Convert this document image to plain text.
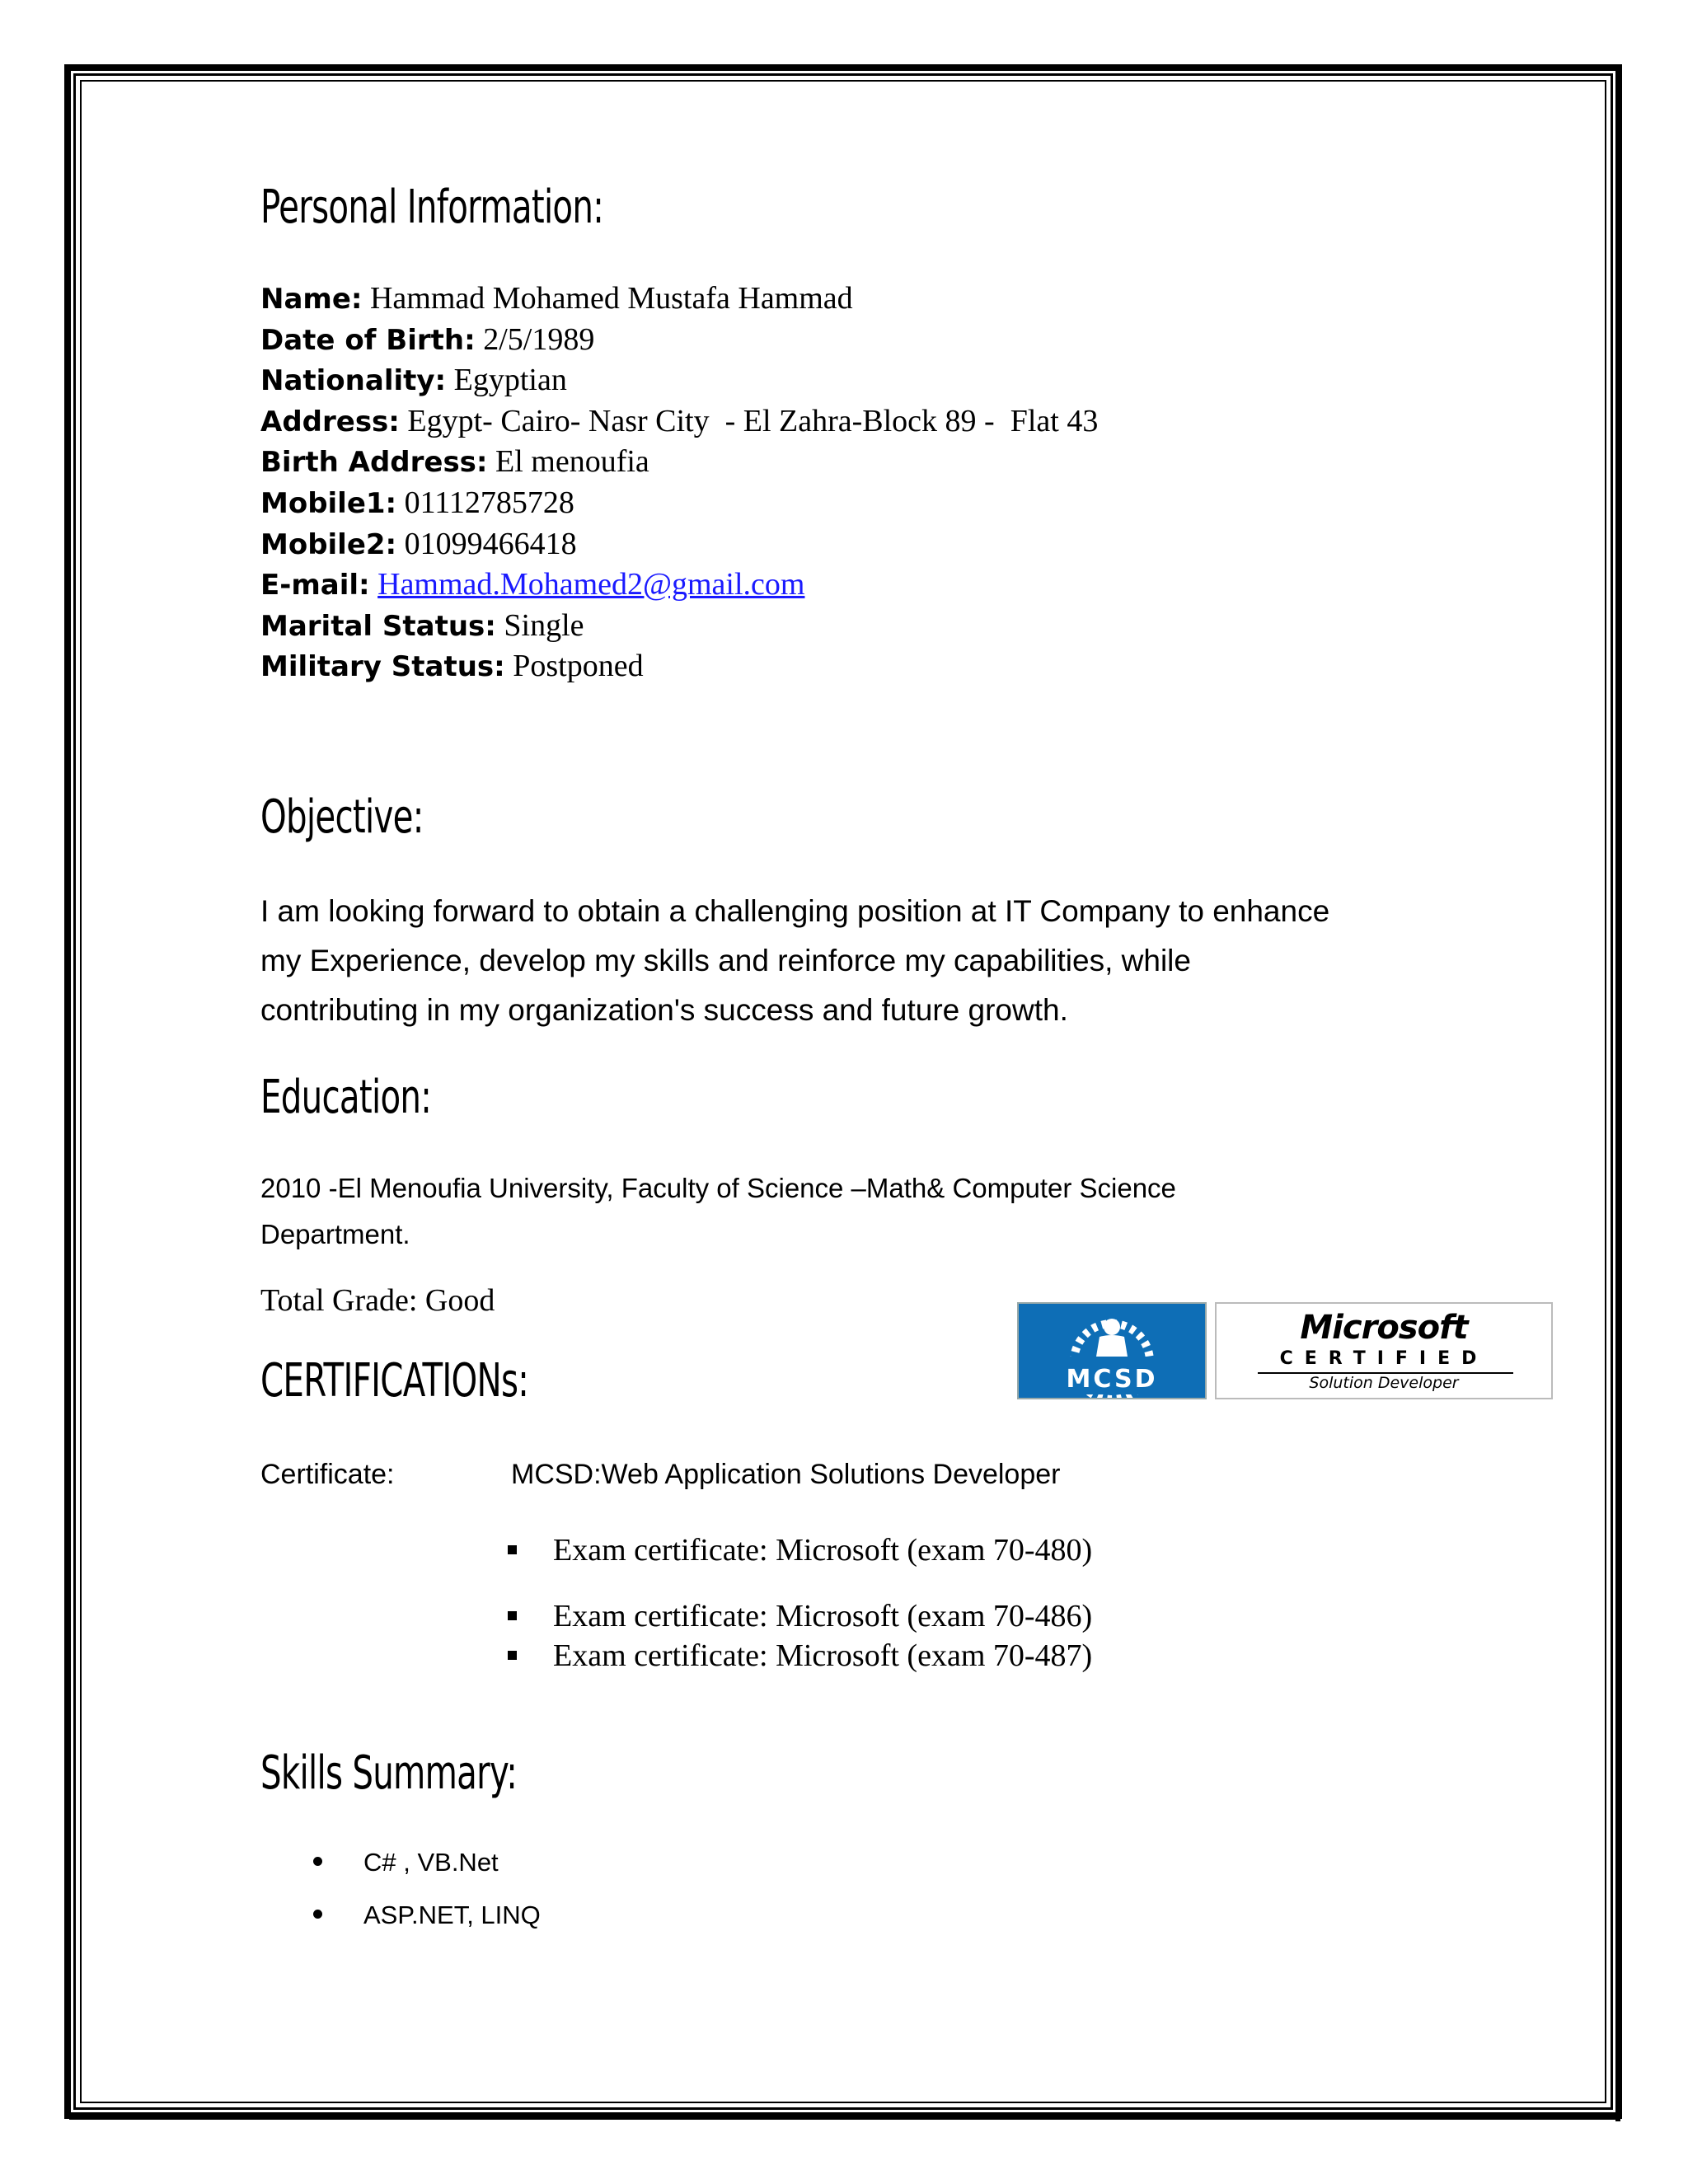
Personal Information:
Name: Hammad Mohamed Mustafa Hammad
Date of Birth: 2/5/1989
Nationality: Egyptian
Address: Egypt- Cairo- Nasr City  - El Zahra-Block 89 -  Flat 43
Birth Address: El menoufia
Mobile1: 01112785728
Mobile2: 01099466418
E-mail: Hammad.Mohamed2@gmail.com
Marital Status: Single
Military Status: Postponed
Objective:
I am looking forward to obtain a challenging position at IT Company to enhance
my Experience, develop my skills and reinforce my capabilities, while
contributing in my organization's success and future growth.
Education:
2010 -El Menoufia University, Faculty of Science –Math& Computer Science
Department.
Total Grade: Good
MCSD
Microsoft
CERTIFIED
Solution Developer
CERTIFICATIONs:
Certificate:	MCSD:Web Application Solutions Developer
Exam certificate: Microsoft (exam 70-480)
Exam certificate: Microsoft (exam 70-486)
Exam certificate: Microsoft (exam 70-487)
Skills Summary:
C# , VB.Net
ASP.NET, LINQ
